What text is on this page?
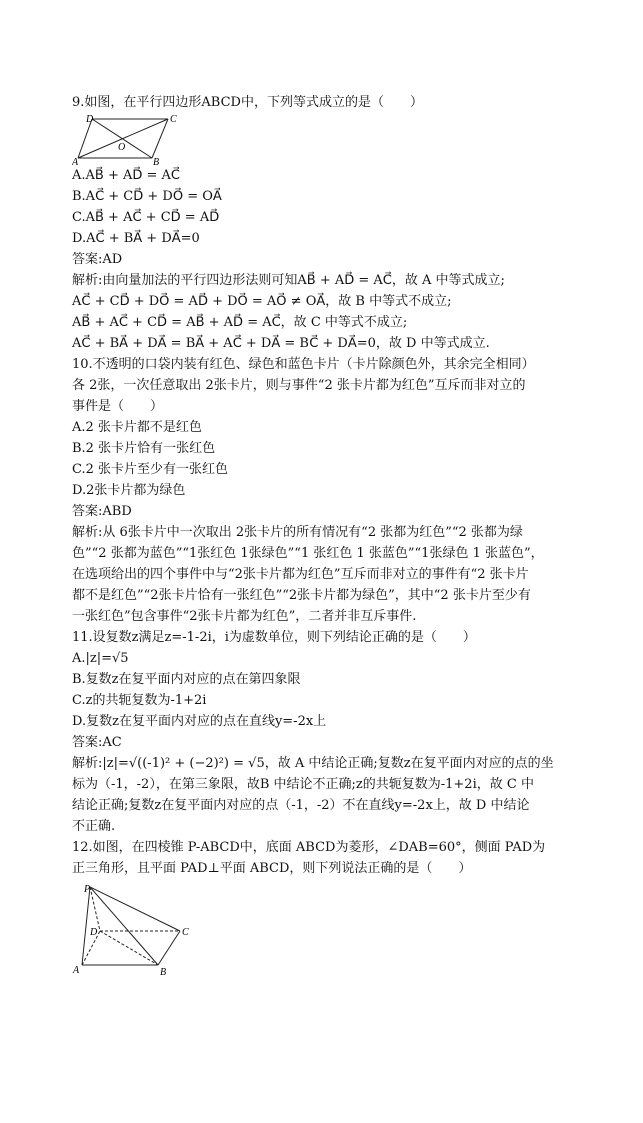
9.如图，在平行四边形ABCD中，下列等式成立的是（　　）
A	B
C
D
O
A.AB⃗ + AD⃗ = AC⃗
B.AC⃗ + CD⃗ + DO⃗ = OA⃗
C.AB⃗ + AC⃗ + CD⃗ = AD⃗
D.AC⃗ + BA⃗ + DA⃗=0
答案:AD
解析:由向量加法的平行四边形法则可知AB⃗ + AD⃗ = AC⃗，故 A 中等式成立;
AC⃗ + CD⃗ + DO⃗ = AD⃗ + DO⃗ = AO⃗ ≠ OA⃗，故 B 中等式不成立;
AB⃗ + AC⃗ + CD⃗ = AB⃗ + AD⃗ = AC⃗，故 C 中等式不成立;
AC⃗ + BA⃗ + DA⃗ = BA⃗ + AC⃗ + DA⃗ = BC⃗ + DA⃗=0，故 D 中等式成立.
10.不透明的口袋内装有红色、绿色和蓝色卡片（卡片除颜色外，其余完全相同）
各 2张，一次任意取出 2张卡片，则与事件“2 张卡片都为红色”互斥而非对立的
事件是（　　）
A.2 张卡片都不是红色
B.2 张卡片恰有一张红色
C.2 张卡片至少有一张红色
D.2张卡片都为绿色
答案:ABD
解析:从 6张卡片中一次取出 2张卡片的所有情况有“2 张都为红色”“2 张都为绿
色”“2 张都为蓝色”“1张红色 1张绿色”“1 张红色 1 张蓝色”“1张绿色 1 张蓝色”，
在选项给出的四个事件中与“2张卡片都为红色”互斥而非对立的事件有“2 张卡片
都不是红色”“2张卡片恰有一张红色”“2张卡片都为绿色”，其中“2 张卡片至少有
一张红色”包含事件“2张卡片都为红色”，二者并非互斥事件.
11.设复数z满足z=-1-2i，i为虚数单位，则下列结论正确的是（　　）
A.|z|=√5
B.复数z在复平面内对应的点在第四象限
C.z的共轭复数为-1+2i
D.复数z在复平面内对应的点在直线y=-2x上
答案:AC
解析:|z|=√((-1)² + (−2)²) = √5，故 A 中结论正确;复数z在复平面内对应的点的坐
标为（-1，-2），在第三象限，故B 中结论不正确;z的共轭复数为-1+2i，故 C 中
结论正确;复数z在复平面内对应的点（-1，-2）不在直线y=-2x上，故 D 中结论
不正确.
12.如图，在四棱锥 P-ABCD中，底面 ABCD为菱形，∠DAB=60°，侧面 PAD为
正三角形，且平面 PAD⊥平面 ABCD，则下列说法正确的是（　　）
P
A	B
C
D
